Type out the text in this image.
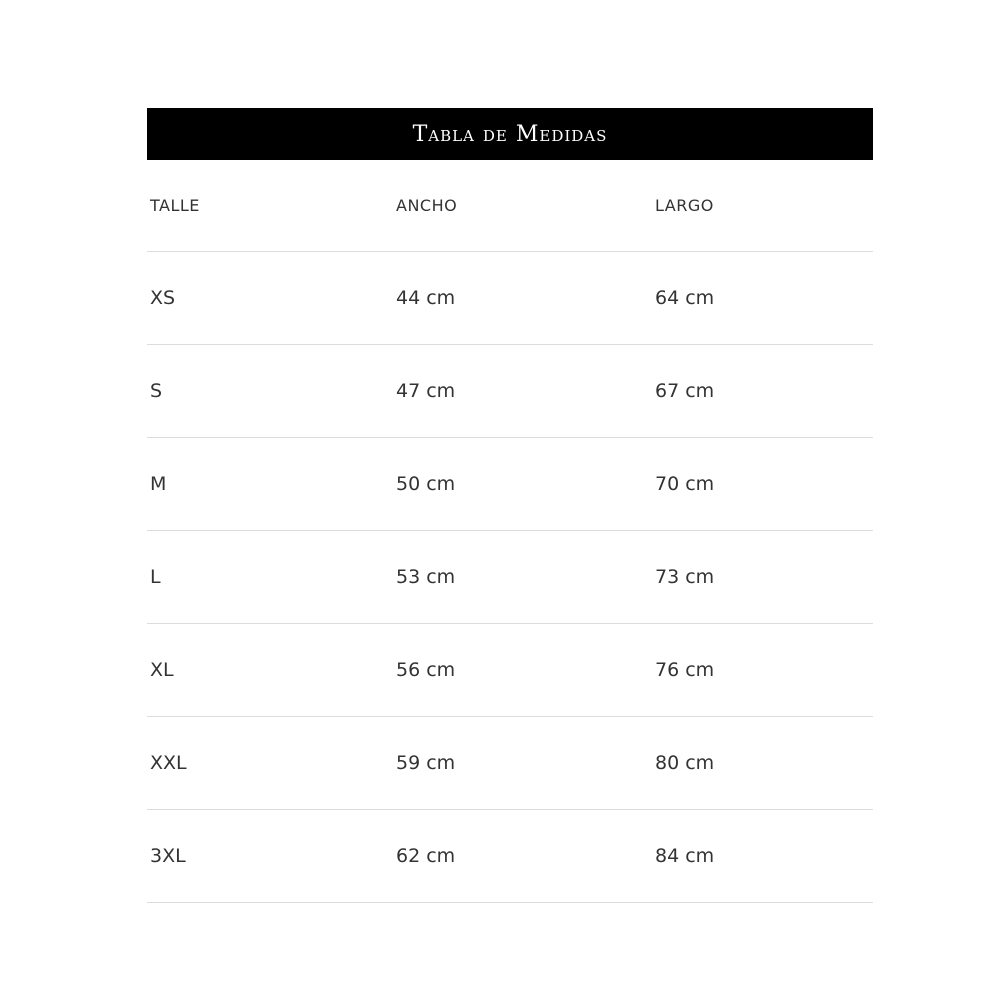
Tabla de Medidas
TALLE	ANCHO	LARGO
XS	44 cm	64 cm
S	47 cm	67 cm
M	50 cm	70 cm
L	53 cm	73 cm
XL	56 cm	76 cm
XXL	59 cm	80 cm
3XL	62 cm	84 cm
